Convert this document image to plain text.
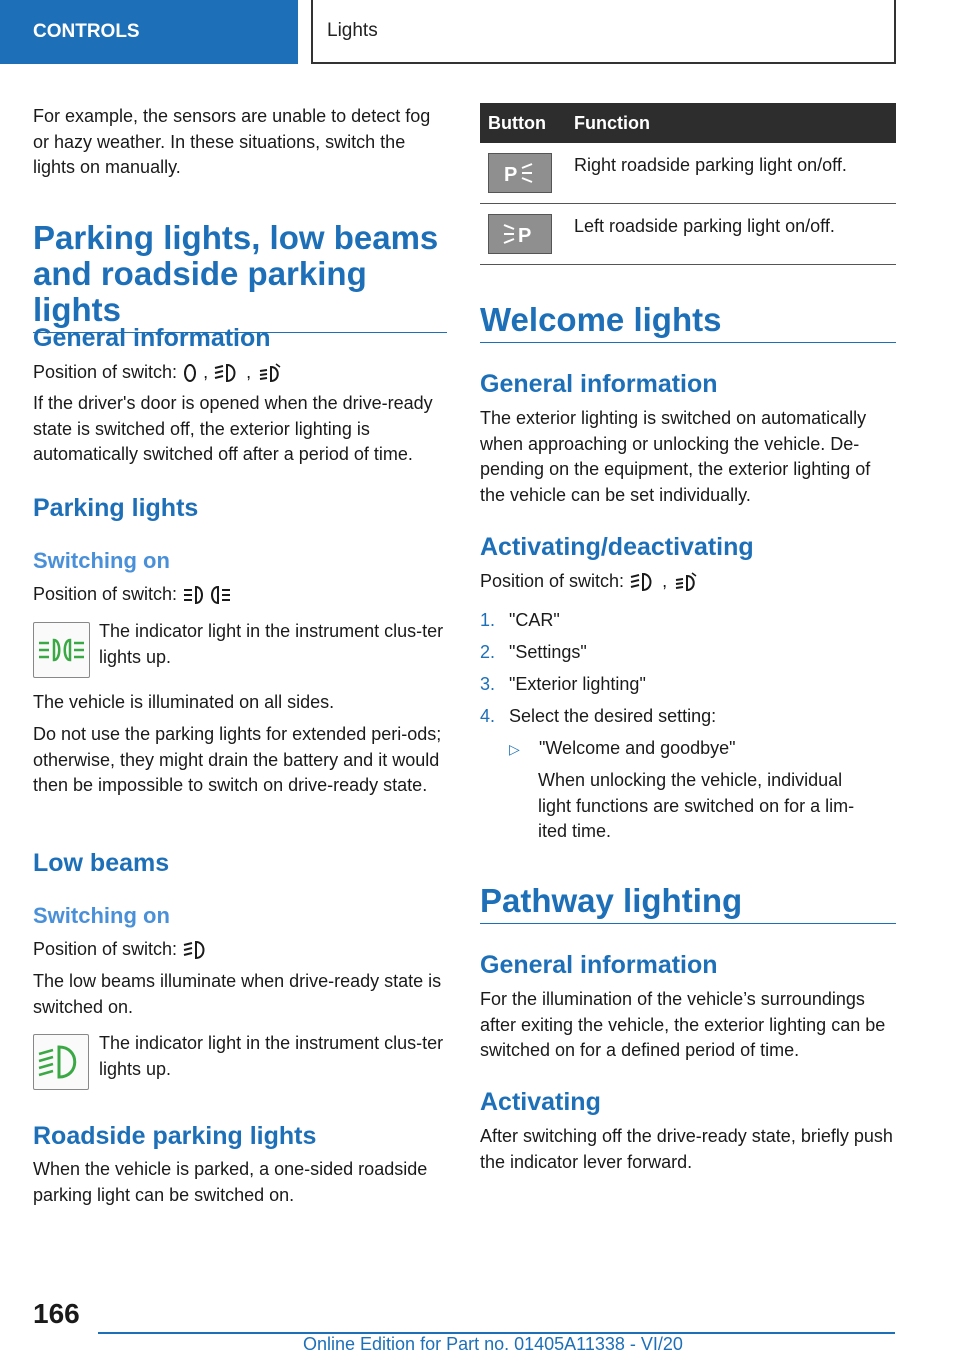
CONTROLS	Lights

For example, the sensors are unable to detect fog or hazy weather. In these situations, switch the lights on manually.

Parking lights, low beams and roadside parking lights
General information
Position of switch: , ,

If the driver's door is opened when the drive-ready state is switched off, the exterior lighting is automatically switched off after a period of time.

Parking lights
Switching on
Position of switch:

The indicator light in the instrument clus-ter lights up.

The vehicle is illuminated on all sides.

Do not use the parking lights for extended peri-ods; otherwise, they might drain the battery and it would then be impossible to switch on drive-ready state.

Low beams
Switching on
Position of switch:

The low beams illuminate when drive-ready state is switched on.

The indicator light in the instrument clus-ter lights up.

Roadside parking lights

When the vehicle is parked, a one-sided roadside parking light can be switched on.

Button	Function

P	Right roadside parking light on/off.

P	Left roadside parking light on/off.
Welcome lights
General information

The exterior lighting is switched on automatically when approaching or unlocking the vehicle. De-pending on the equipment, the exterior lighting of the vehicle can be set individually.

Activating/deactivating
Position of switch: ,
1. "CAR"
2. "Settings"
3. "Exterior lighting"
4. Select the desired setting:
▷ "Welcome and goodbye"

When unlocking the vehicle, individual light functions are switched on for a lim-ited time.

Pathway lighting
General information

For the illumination of the vehicle’s surroundings after exiting the vehicle, the exterior lighting can be switched on for a defined period of time.

Activating

After switching off the drive-ready state, briefly push the indicator lever forward.

166
Online Edition for Part no. 01405A11338 - VI/20
